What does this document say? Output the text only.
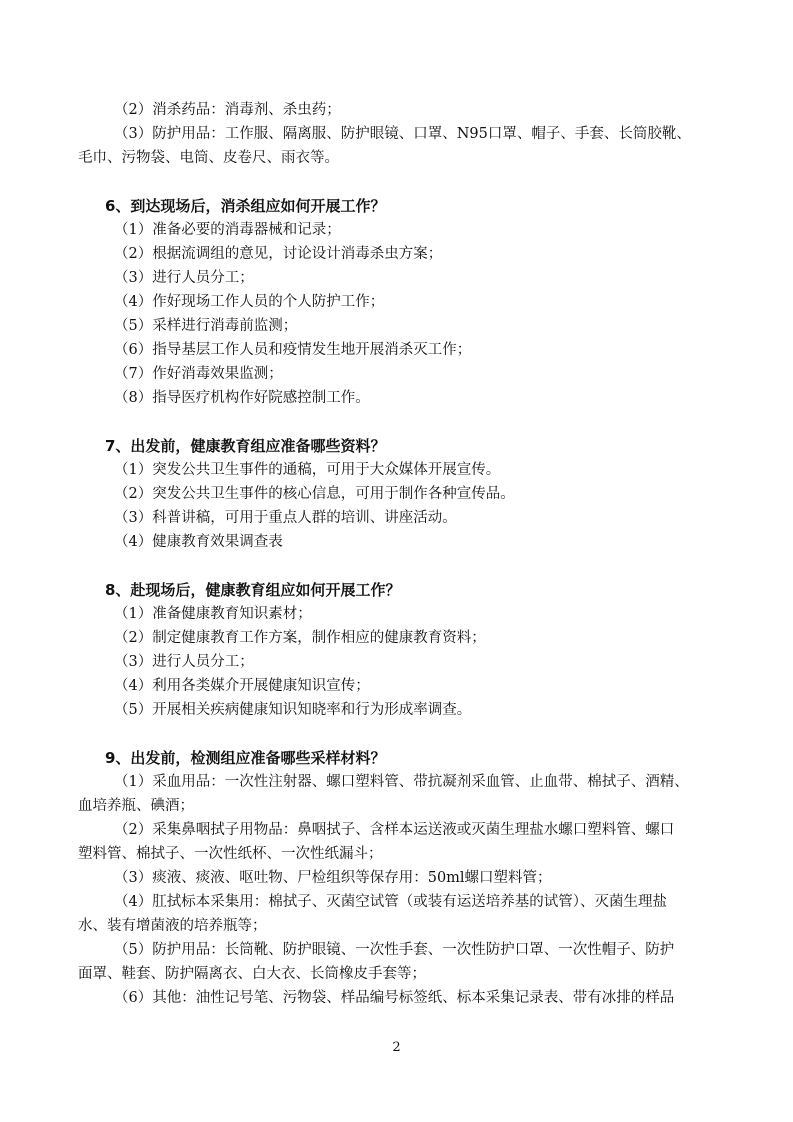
（2）消杀药品：消毒剂、杀虫药；
（3）防护用品：工作服、隔离服、防护眼镜、口罩、N95口罩、帽子、手套、长筒胶靴、
毛巾、污物袋、电筒、皮卷尺、雨衣等。
6、到达现场后，消杀组应如何开展工作？
（1）准备必要的消毒器械和记录；
（2）根据流调组的意见，讨论设计消毒杀虫方案；
（3）进行人员分工；
（4）作好现场工作人员的个人防护工作；
（5）采样进行消毒前监测；
（6）指导基层工作人员和疫情发生地开展消杀灭工作；
（7）作好消毒效果监测；
（8）指导医疗机构作好院感控制工作。
7、出发前，健康教育组应准备哪些资料？
（1）突发公共卫生事件的通稿，可用于大众媒体开展宣传。
（2）突发公共卫生事件的核心信息，可用于制作各种宣传品。
（3）科普讲稿，可用于重点人群的培训、讲座活动。
（4）健康教育效果调查表
8、赴现场后，健康教育组应如何开展工作？
（1）准备健康教育知识素材；
（2）制定健康教育工作方案，制作相应的健康教育资料；
（3）进行人员分工；
（4）利用各类媒介开展健康知识宣传；
（5）开展相关疾病健康知识知晓率和行为形成率调查。
9、出发前，检测组应准备哪些采样材料？
（1）采血用品：一次性注射器、螺口塑料管、带抗凝剂采血管、止血带、棉拭子、酒精、
血培养瓶、碘酒；
（2）采集鼻咽拭子用物品：鼻咽拭子、含样本运送液或灭菌生理盐水螺口塑料管、螺口
塑料管、棉拭子、一次性纸杯、一次性纸漏斗；
（3）痰液、痰液、呕吐物、尸检组织等保存用：50ml螺口塑料管；
（4）肛拭标本采集用：棉拭子、灭菌空试管（或装有运送培养基的试管）、灭菌生理盐
水、装有增菌液的培养瓶等；
（5）防护用品：长筒靴、防护眼镜、一次性手套、一次性防护口罩、一次性帽子、防护
面罩、鞋套、防护隔离衣、白大衣、长筒橡皮手套等；
（6）其他：油性记号笔、污物袋、样品编号标签纸、标本采集记录表、带有冰排的样品
2
